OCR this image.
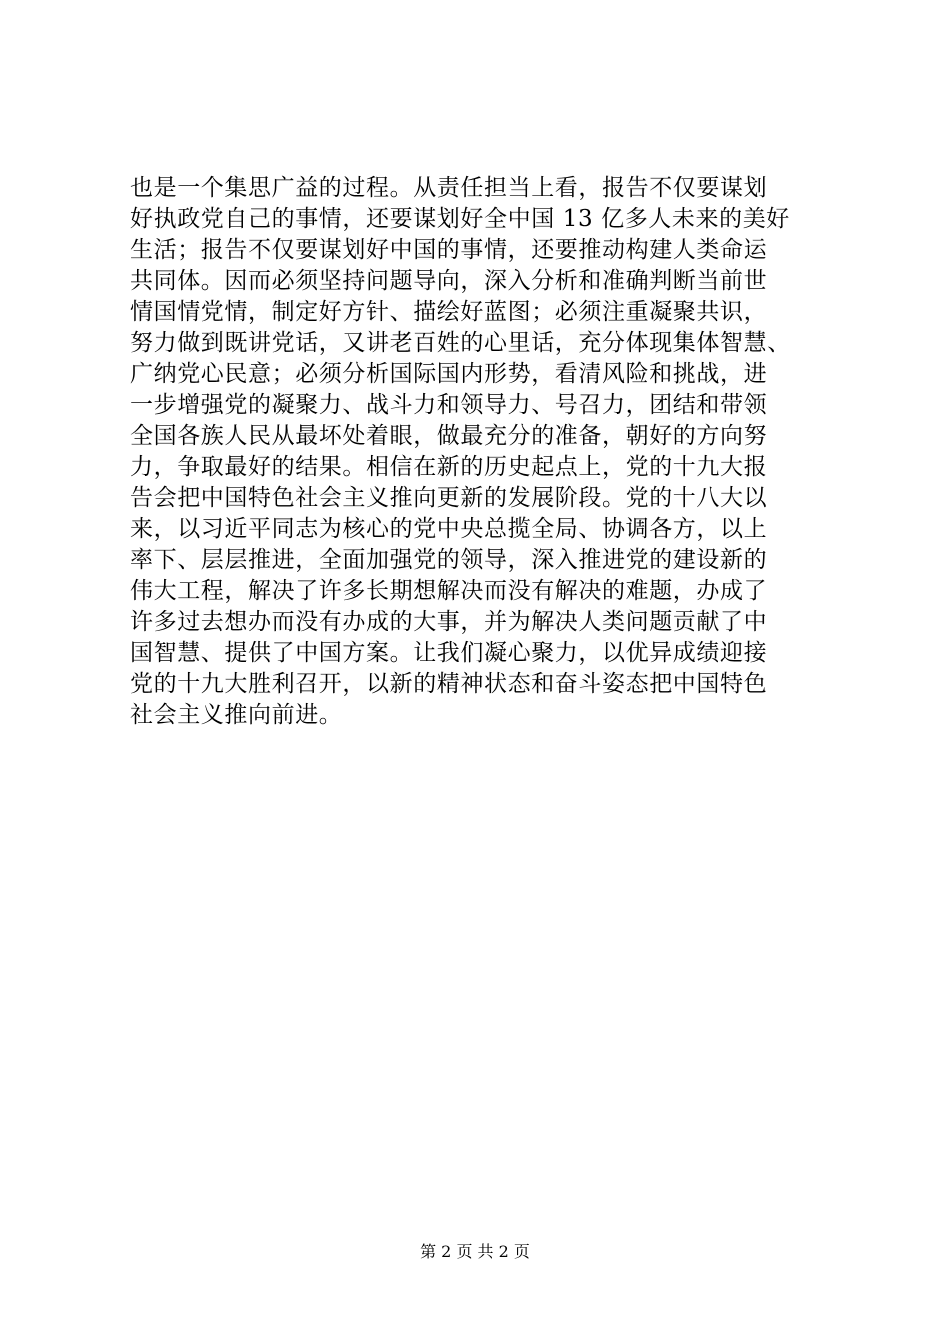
也是一个集思广益的过程。从责任担当上看，报告不仅要谋划
好执政党自己的事情，还要谋划好全中国 13 亿多人未来的美好
生活；报告不仅要谋划好中国的事情，还要推动构建人类命运
共同体。因而必须坚持问题导向，深入分析和准确判断当前世
情国情党情，制定好方针、描绘好蓝图；必须注重凝聚共识，
努力做到既讲党话，又讲老百姓的心里话，充分体现集体智慧、
广纳党心民意；必须分析国际国内形势，看清风险和挑战，进
一步增强党的凝聚力、战斗力和领导力、号召力，团结和带领
全国各族人民从最坏处着眼，做最充分的准备，朝好的方向努
力，争取最好的结果。相信在新的历史起点上，党的十九大报
告会把中国特色社会主义推向更新的发展阶段。党的十八大以
来，以习近平同志为核心的党中央总揽全局、协调各方，以上
率下、层层推进，全面加强党的领导，深入推进党的建设新的
伟大工程，解决了许多长期想解决而没有解决的难题，办成了
许多过去想办而没有办成的大事，并为解决人类问题贡献了中
国智慧、提供了中国方案。让我们凝心聚力，以优异成绩迎接
党的十九大胜利召开，以新的精神状态和奋斗姿态把中国特色
社会主义推向前进。
第 2 页 共 2 页
